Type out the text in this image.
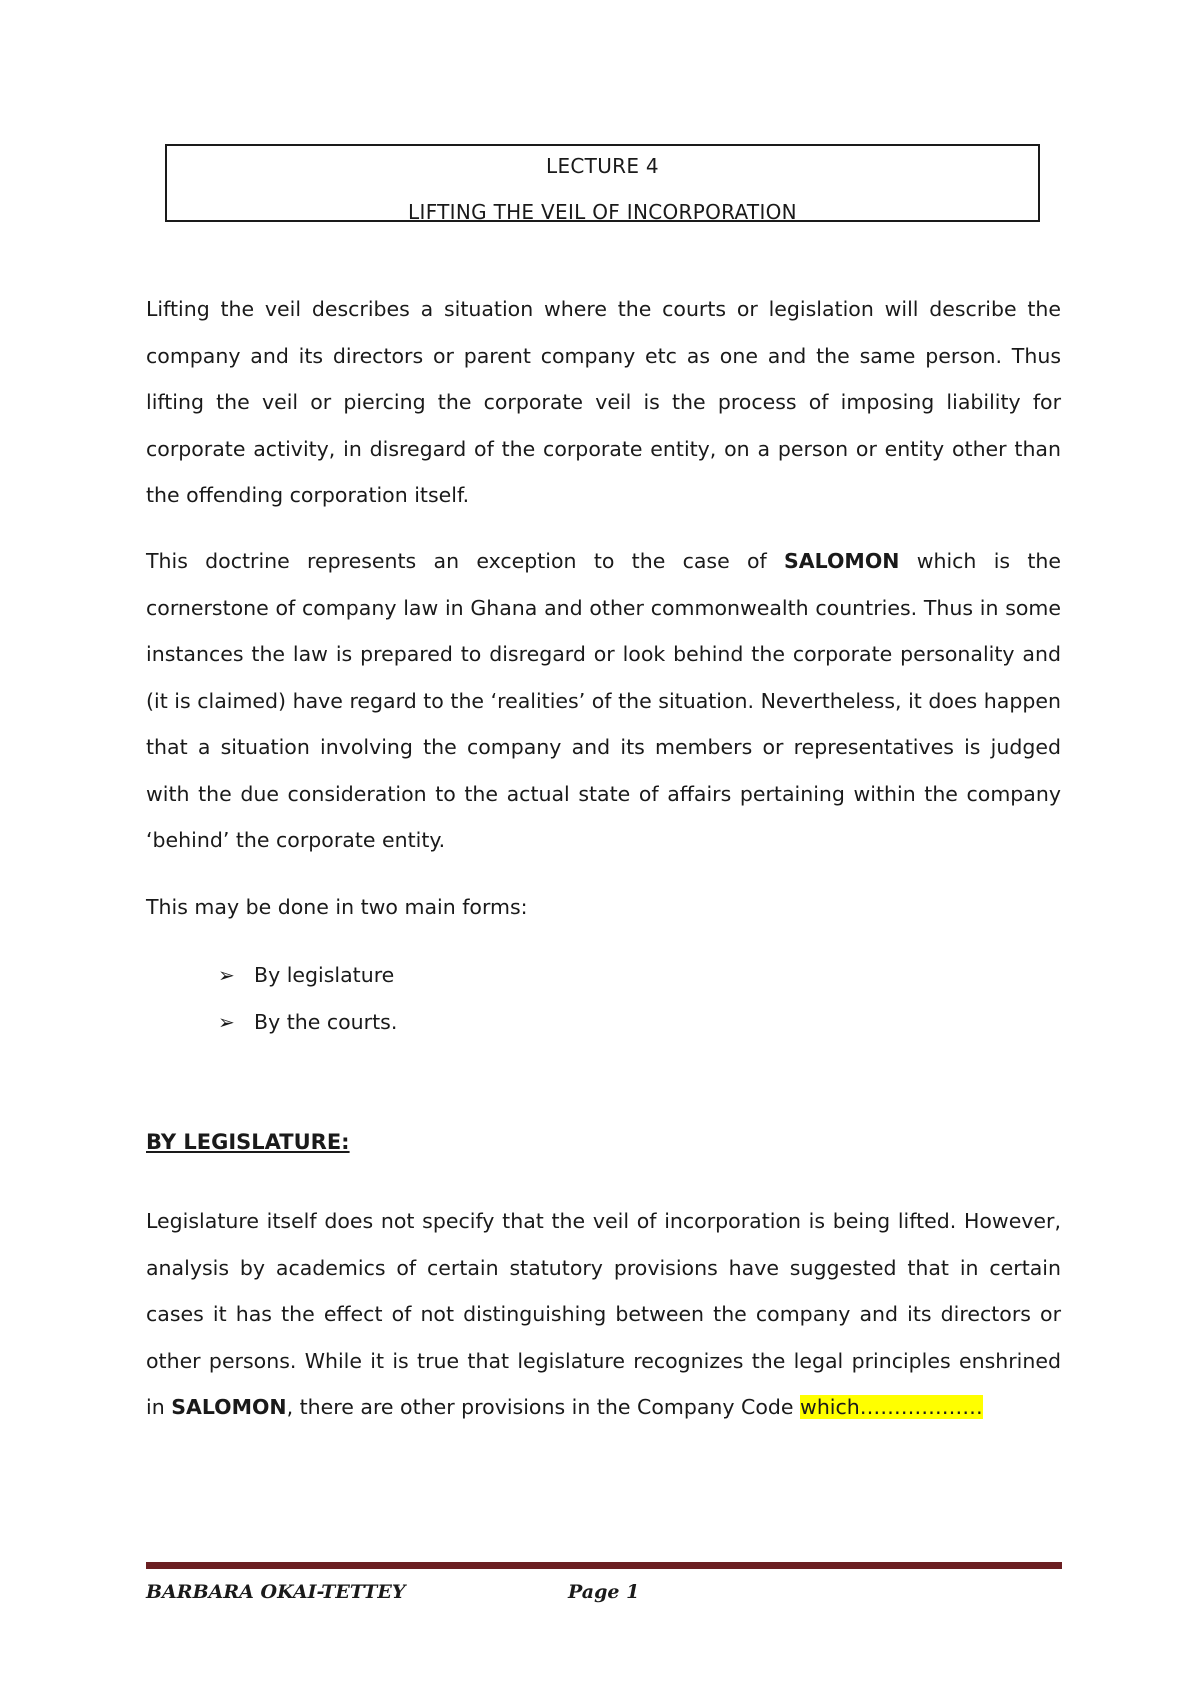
LECTURE 4
LIFTING THE VEIL OF INCORPORATION

Lifting the veil describes a situation where the courts or legislation will describe the company and its directors or parent company etc as one and the same person. Thus lifting the veil or piercing the corporate veil is the process of imposing liability for corporate activity, in disregard of the corporate entity, on a person or entity other than the offending corporation itself.

This doctrine represents an exception to the case of SALOMON which is the cornerstone of company law in Ghana and other commonwealth countries. Thus in some instances the law is prepared to disregard or look behind the corporate personality and (it is claimed) have regard to the ‘realities’ of the situation. Nevertheless, it does happen that a situation involving the company and its members or representatives is judged with the due consideration to the actual state of affairs pertaining within the company ‘behind’ the corporate entity.

This may be done in two main forms:

➢ By legislature
➢ By the courts.
BY LEGISLATURE:

Legislature itself does not specify that the veil of incorporation is being lifted. However, analysis by academics of certain statutory provisions have suggested that in certain cases it has the effect of not distinguishing between the company and its directors or other persons. While it is true that legislature recognizes the legal principles enshrined in SALOMON, there are other provisions in the Company Code which………………

BARBARA OKAI-TETTEY	Page 1
